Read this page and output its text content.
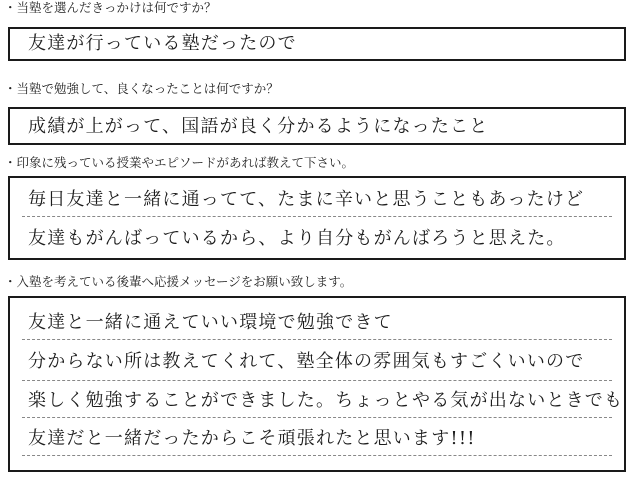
・当塾を選んだきっかけは何ですか？
友達が行っている塾だったので
・当塾で勉強して、良くなったことは何ですか？
成績が上がって、国語が良く分かるようになったこと
・印象に残っている授業やエピソードがあれば教えて下さい。
毎日友達と一緒に通ってて、たまに辛いと思うこともあったけど
友達もがんばっているから、より自分もがんばろうと思えた。
・入塾を考えている後輩へ応援メッセージをお願い致します。
友達と一緒に通えていい環境で勉強できて
分からない所は教えてくれて、塾全体の雰囲気もすごくいいので
楽しく勉強することができました。ちょっとやる気が出ないときでも
友達だと一緒だったからこそ頑張れたと思います!!!
